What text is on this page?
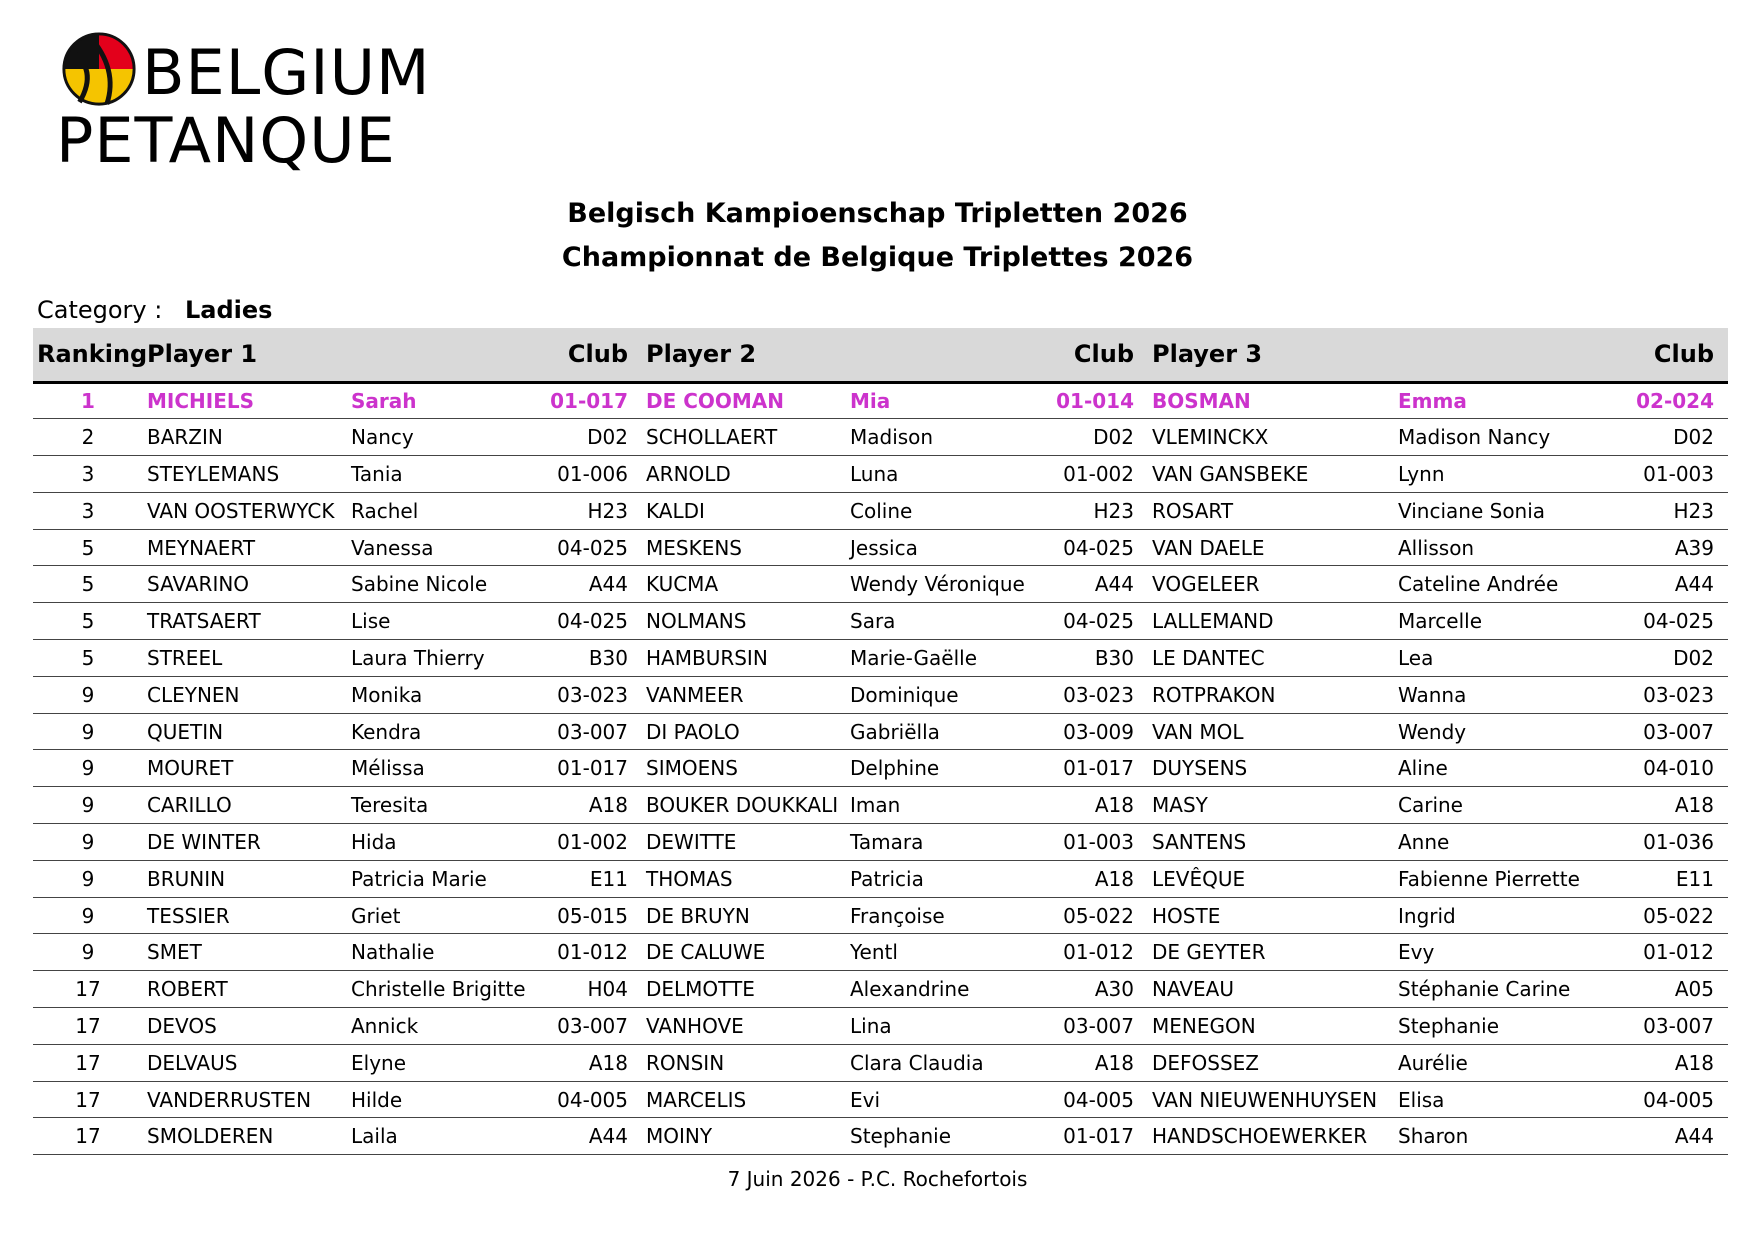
BELGIUM
PETANQUE
Belgisch Kampioenschap Tripletten 2026
Championnat de Belgique Triplettes 2026
Category : Ladies
Ranking	Player 1		Club	Player 2		Club	Player 3		Club
1	MICHIELS	Sarah	01-017	DE COOMAN	Mia	01-014	BOSMAN	Emma	02-024
2	BARZIN	Nancy	D02	SCHOLLAERT	Madison	D02	VLEMINCKX	Madison Nancy	D02
3	STEYLEMANS	Tania	01-006	ARNOLD	Luna	01-002	VAN GANSBEKE	Lynn	01-003
3	VAN OOSTERWYCK	Rachel	H23	KALDI	Coline	H23	ROSART	Vinciane Sonia	H23
5	MEYNAERT	Vanessa	04-025	MESKENS	Jessica	04-025	VAN DAELE	Allisson	A39
5	SAVARINO	Sabine Nicole	A44	KUCMA	Wendy Véronique	A44	VOGELEER	Cateline Andrée	A44
5	TRATSAERT	Lise	04-025	NOLMANS	Sara	04-025	LALLEMAND	Marcelle	04-025
5	STREEL	Laura Thierry	B30	HAMBURSIN	Marie-Gaëlle	B30	LE DANTEC	Lea	D02
9	CLEYNEN	Monika	03-023	VANMEER	Dominique	03-023	ROTPRAKON	Wanna	03-023
9	QUETIN	Kendra	03-007	DI PAOLO	Gabriëlla	03-009	VAN MOL	Wendy	03-007
9	MOURET	Mélissa	01-017	SIMOENS	Delphine	01-017	DUYSENS	Aline	04-010
9	CARILLO	Teresita	A18	BOUKER DOUKKALI	Iman	A18	MASY	Carine	A18
9	DE WINTER	Hida	01-002	DEWITTE	Tamara	01-003	SANTENS	Anne	01-036
9	BRUNIN	Patricia Marie	E11	THOMAS	Patricia	A18	LEVÊQUE	Fabienne Pierrette	E11
9	TESSIER	Griet	05-015	DE BRUYN	Françoise	05-022	HOSTE	Ingrid	05-022
9	SMET	Nathalie	01-012	DE CALUWE	Yentl	01-012	DE GEYTER	Evy	01-012
17	ROBERT	Christelle Brigitte	H04	DELMOTTE	Alexandrine	A30	NAVEAU	Stéphanie Carine	A05
17	DEVOS	Annick	03-007	VANHOVE	Lina	03-007	MENEGON	Stephanie	03-007
17	DELVAUS	Elyne	A18	RONSIN	Clara Claudia	A18	DEFOSSEZ	Aurélie	A18
17	VANDERRUSTEN	Hilde	04-005	MARCELIS	Evi	04-005	VAN NIEUWENHUYSEN	Elisa	04-005
17	SMOLDEREN	Laila	A44	MOINY	Stephanie	01-017	HANDSCHOEWERKER	Sharon	A44
7 Juin 2026 - P.C. Rochefortois
